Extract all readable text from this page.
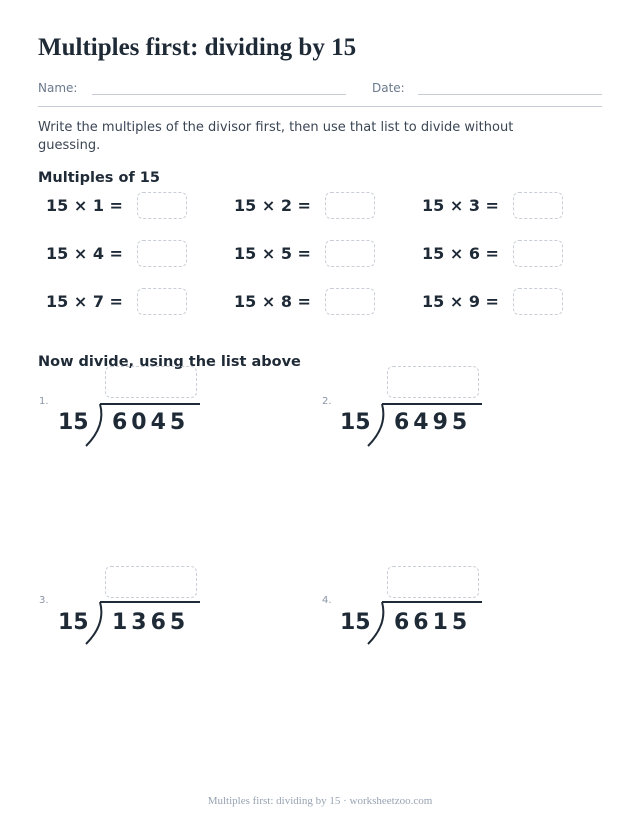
Multiples first: dividing by 15
Name:	Date:

Write the multiples of the divisor first, then use that list to divide without guessing.

Multiples of 15
15 × 1 =	15 × 2 =	15 × 3 =
15 × 4 =	15 × 5 =	15 × 6 =
15 × 7 =	15 × 8 =	15 × 9 =
Now divide, using the list above
1.
15 6045
2.
15 6495
3.
15 1365
4.
15 6615
Multiples first: dividing by 15 · worksheetzoo.com
